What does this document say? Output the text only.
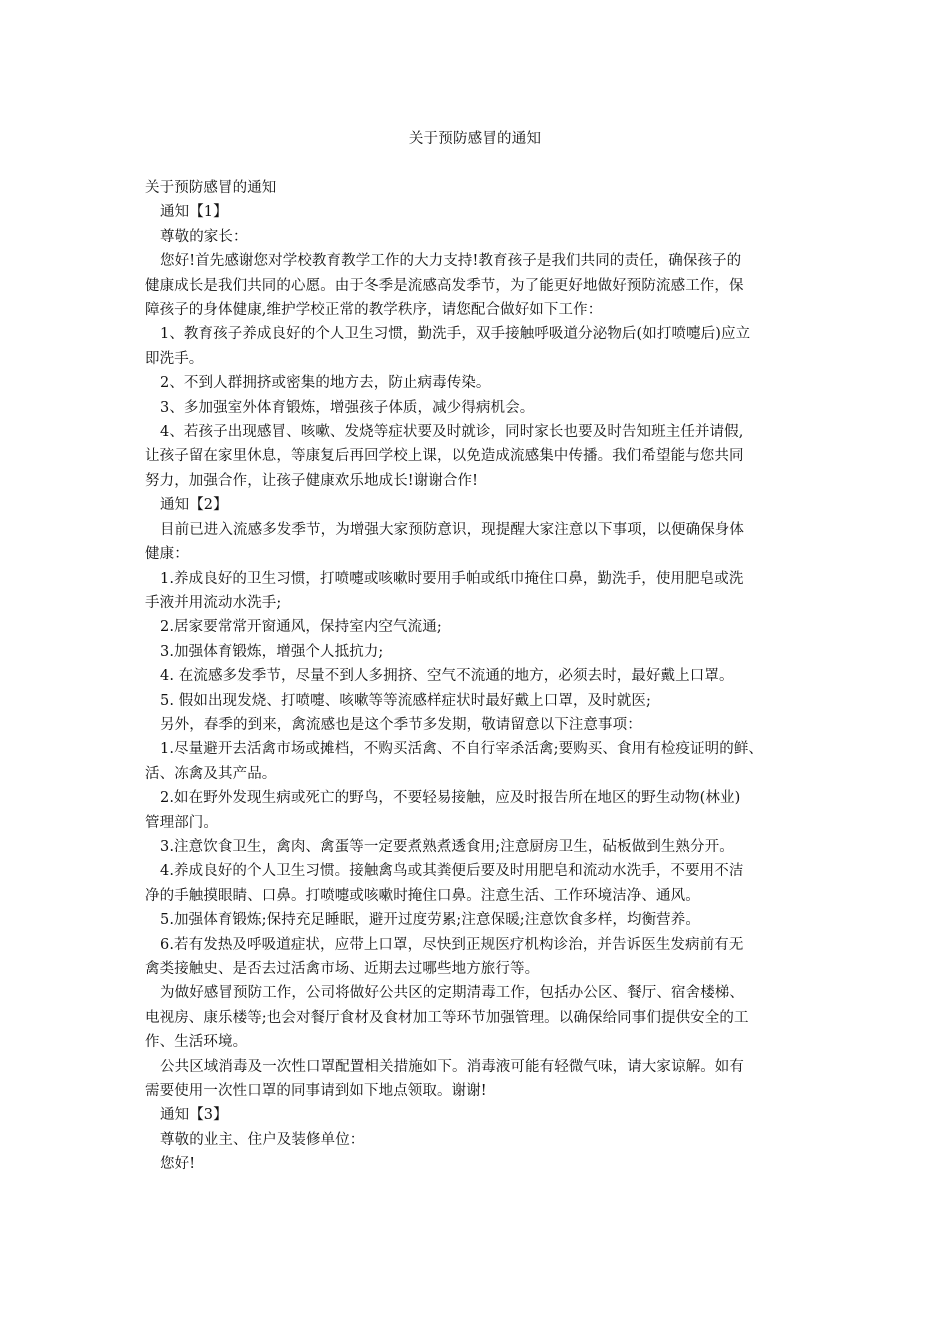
关于预防感冒的通知
关于预防感冒的通知
通知【1】
尊敬的家长：
您好!首先感谢您对学校教育教学工作的大力支持!教育孩子是我们共同的责任，确保孩子的
健康成长是我们共同的心愿。由于冬季是流感高发季节，为了能更好地做好预防流感工作，保
障孩子的身体健康,维护学校正常的教学秩序，请您配合做好如下工作：
1、教育孩子养成良好的个人卫生习惯，勤洗手，双手接触呼吸道分泌物后(如打喷嚏后)应立
即洗手。
2、不到人群拥挤或密集的地方去，防止病毒传染。
3、多加强室外体育锻炼，增强孩子体质，减少得病机会。
4、若孩子出现感冒、咳嗽、发烧等症状要及时就诊，同时家长也要及时告知班主任并请假,
让孩子留在家里休息，等康复后再回学校上课，以免造成流感集中传播。我们希望能与您共同
努力，加强合作，让孩子健康欢乐地成长!谢谢合作!
通知【2】
目前已进入流感多发季节，为增强大家预防意识，现提醒大家注意以下事项，以便确保身体
健康：
1.养成良好的卫生习惯，打喷嚏或咳嗽时要用手帕或纸巾掩住口鼻，勤洗手，使用肥皂或洗
手液并用流动水洗手;
2.居家要常常开窗通风，保持室内空气流通;
3.加强体育锻炼，增强个人抵抗力;
4. 在流感多发季节，尽量不到人多拥挤、空气不流通的地方，必须去时，最好戴上口罩。
5. 假如出现发烧、打喷嚏、咳嗽等等流感样症状时最好戴上口罩，及时就医;
另外，春季的到来，禽流感也是这个季节多发期，敬请留意以下注意事项：
1.尽量避开去活禽市场或摊档，不购买活禽、不自行宰杀活禽;要购买、食用有检疫证明的鲜、
活、冻禽及其产品。
2.如在野外发现生病或死亡的野鸟，不要轻易接触，应及时报告所在地区的野生动物(林业)
管理部门。
3.注意饮食卫生，禽肉、禽蛋等一定要煮熟煮透食用;注意厨房卫生，砧板做到生熟分开。
4.养成良好的个人卫生习惯。接触禽鸟或其粪便后要及时用肥皂和流动水洗手，不要用不洁
净的手触摸眼睛、口鼻。打喷嚏或咳嗽时掩住口鼻。注意生活、工作环境洁净、通风。
5.加强体育锻炼;保持充足睡眠，避开过度劳累;注意保暖;注意饮食多样，均衡营养。
6.若有发热及呼吸道症状，应带上口罩，尽快到正规医疗机构诊治，并告诉医生发病前有无
禽类接触史、是否去过活禽市场、近期去过哪些地方旅行等。
为做好感冒预防工作，公司将做好公共区的定期清毒工作，包括办公区、餐厅、宿舍楼梯、
电视房、康乐楼等;也会对餐厅食材及食材加工等环节加强管理。以确保给同事们提供安全的工
作、生活环境。
公共区域消毒及一次性口罩配置相关措施如下。消毒液可能有轻微气味，请大家谅解。如有
需要使用一次性口罩的同事请到如下地点领取。谢谢!
通知【3】
尊敬的业主、住户及装修单位：
您好!
